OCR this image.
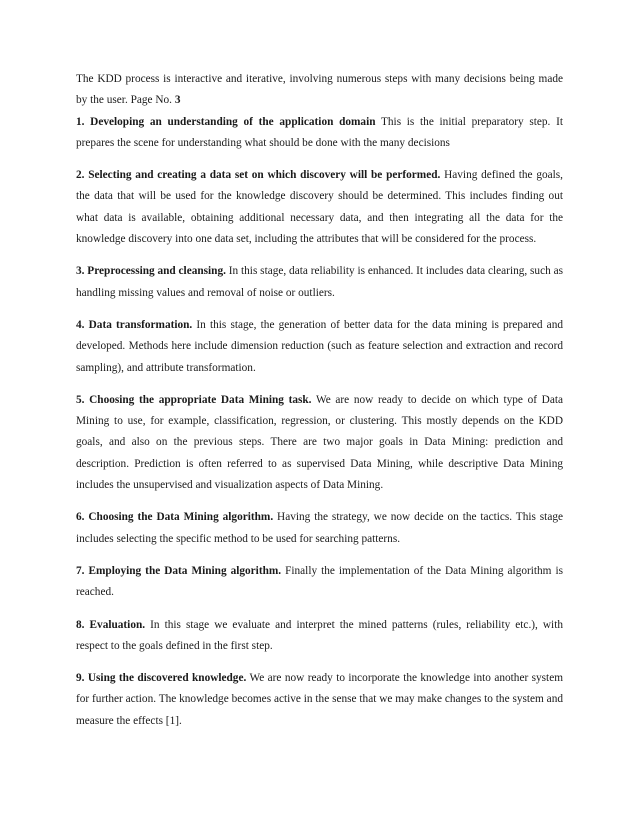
The KDD process is interactive and iterative, involving numerous steps with many decisions being made by the user. Page No. 3

1. Developing an understanding of the application domain This is the initial preparatory step. It prepares the scene for understanding what should be done with the many decisions

2. Selecting and creating a data set on which discovery will be performed. Having defined the goals, the data that will be used for the knowledge discovery should be determined. This includes finding out what data is available, obtaining additional necessary data, and then integrating all the data for the knowledge discovery into one data set, including the attributes that will be considered for the process.

3. Preprocessing and cleansing. In this stage, data reliability is enhanced. It includes data clearing, such as handling missing values and removal of noise or outliers.

4. Data transformation. In this stage, the generation of better data for the data mining is prepared and developed. Methods here include dimension reduction (such as feature selection and extraction and record sampling), and attribute transformation.

5. Choosing the appropriate Data Mining task. We are now ready to decide on which type of Data Mining to use, for example, classification, regression, or clustering. This mostly depends on the KDD goals, and also on the previous steps. There are two major goals in Data Mining: prediction and description. Prediction is often referred to as supervised Data Mining, while descriptive Data Mining includes the unsupervised and visualization aspects of Data Mining.

6. Choosing the Data Mining algorithm. Having the strategy, we now decide on the tactics. This stage includes selecting the specific method to be used for searching patterns.

7. Employing the Data Mining algorithm. Finally the implementation of the Data Mining algorithm is reached.

8. Evaluation. In this stage we evaluate and interpret the mined patterns (rules, reliability etc.), with respect to the goals defined in the first step.

9. Using the discovered knowledge. We are now ready to incorporate the knowledge into another system for further action. The knowledge becomes active in the sense that we may make changes to the system and measure the effects [1].
